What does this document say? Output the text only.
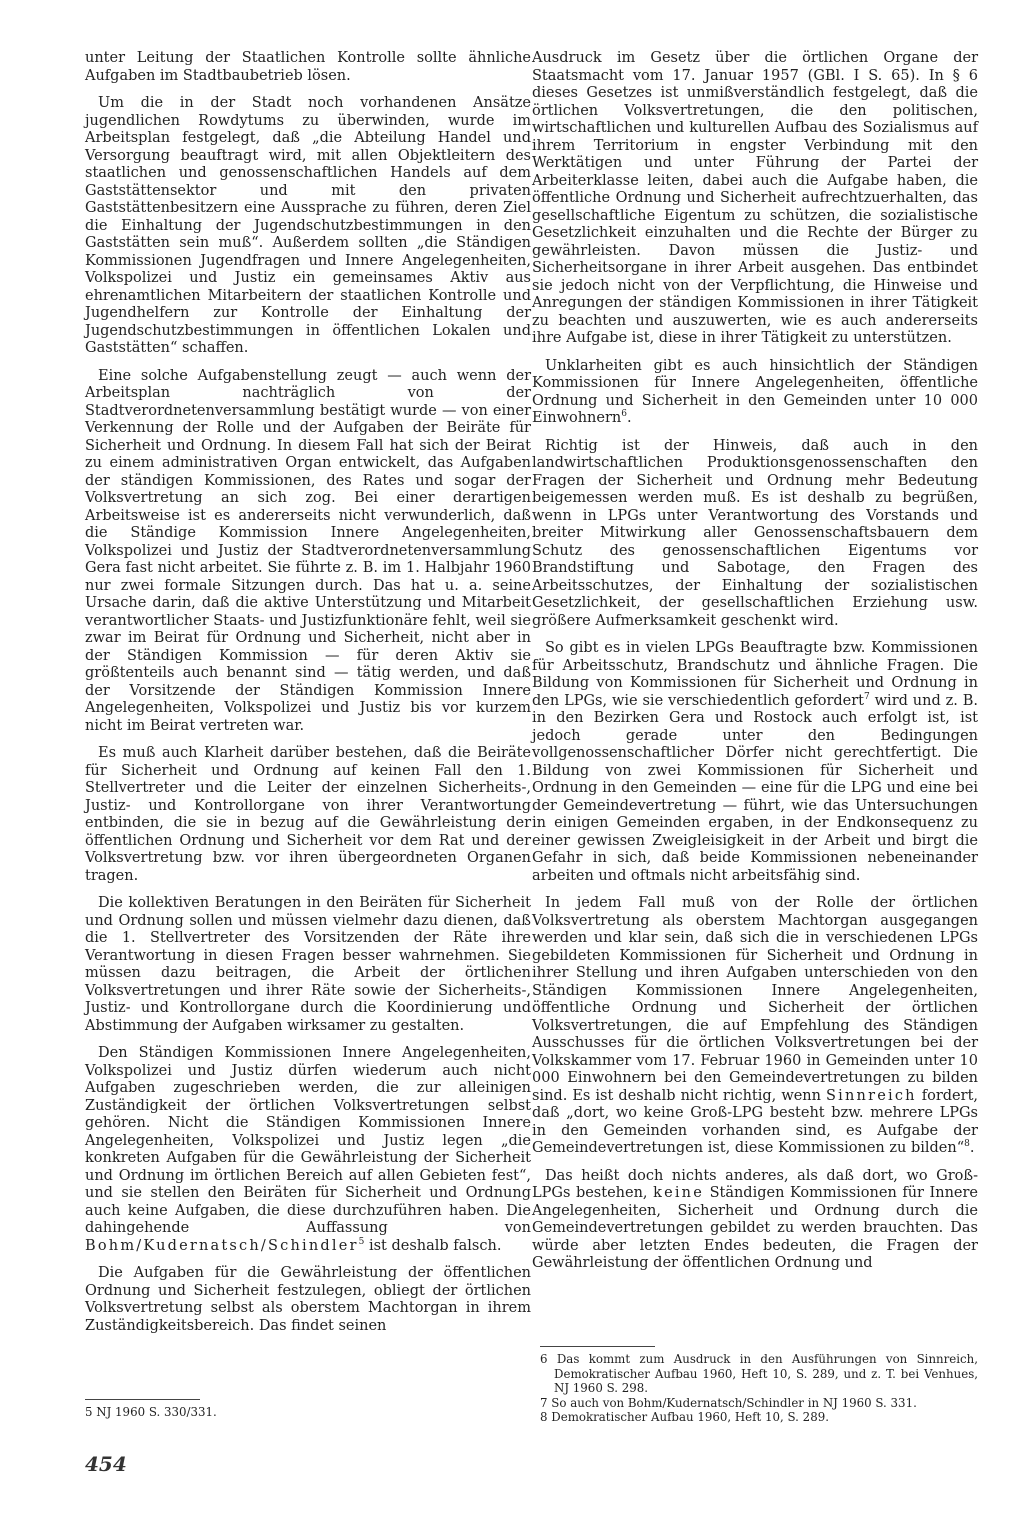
unter Leitung der Staatlichen Kontrolle sollte ähnliche Aufgaben im Stadtbaubetrieb lösen.

Um die in der Stadt noch vorhandenen Ansätze jugendlichen Rowdytums zu überwinden, wurde im Arbeitsplan festgelegt, daß „die Abteilung Handel und Versorgung beauftragt wird, mit allen Objektleitern des staatlichen und genossenschaftlichen Handels auf dem Gaststättensektor und mit den privaten Gaststättenbesitzern eine Aussprache zu führen, deren Ziel die Einhaltung der Jugendschutzbestimmungen in den Gaststätten sein muß“. Außerdem sollten „die Ständigen Kommissionen Jugendfragen und Innere Angelegenheiten, Volkspolizei und Justiz ein gemeinsames Aktiv aus ehrenamtlichen Mitarbeitern der staatlichen Kontrolle und Jugendhelfern zur Kontrolle der Einhaltung der Jugendschutzbestimmungen in öffentlichen Lokalen und Gaststätten“ schaffen.

Eine solche Aufgabenstellung zeugt — auch wenn der Arbeitsplan nachträglich von der Stadtverordnetenversammlung bestätigt wurde — von einer Verkennung der Rolle und der Aufgaben der Beiräte für Sicherheit und Ordnung. In diesem Fall hat sich der Beirat zu einem administrativen Organ entwickelt, das Aufgaben der ständigen Kommissionen, des Rates und sogar der Volksvertretung an sich zog. Bei einer derartigen Arbeitsweise ist es andererseits nicht verwunderlich, daß die Ständige Kommission Innere Angelegenheiten, Volkspolizei und Justiz der Stadtverordnetenversammlung Gera fast nicht arbeitet. Sie führte z. B. im 1. Halbjahr 1960 nur zwei formale Sitzungen durch. Das hat u. a. seine Ursache darin, daß die aktive Unterstützung und Mitarbeit verantwortlicher Staats- und Justizfunktionäre fehlt, weil sie zwar im Beirat für Ordnung und Sicherheit, nicht aber in der Ständigen Kommission — für deren Aktiv sie größtenteils auch benannt sind — tätig werden, und daß der Vorsitzende der Ständigen Kommission Innere Angelegenheiten, Volkspolizei und Justiz bis vor kurzem nicht im Beirat vertreten war.

Es muß auch Klarheit darüber bestehen, daß die Beiräte für Sicherheit und Ordnung auf keinen Fall den 1. Stellvertreter und die Leiter der einzelnen Sicherheits-, Justiz- und Kontrollorgane von ihrer Verantwortung entbinden, die sie in bezug auf die Gewährleistung der öffentlichen Ordnung und Sicherheit vor dem Rat und der Volksvertretung bzw. vor ihren übergeordneten Organen tragen.

Die kollektiven Beratungen in den Beiräten für Sicherheit und Ordnung sollen und müssen vielmehr dazu dienen, daß die 1. Stellvertreter des Vorsitzenden der Räte ihre Verantwortung in diesen Fragen besser wahrnehmen. Sie müssen dazu beitragen, die Arbeit der örtlichen Volksvertretungen und ihrer Räte sowie der Sicherheits-, Justiz- und Kontrollorgane durch die Koordinierung und Abstimmung der Aufgaben wirksamer zu gestalten.

Den Ständigen Kommissionen Innere Angelegenheiten, Volkspolizei und Justiz dürfen wiederum auch nicht Aufgaben zugeschrieben werden, die zur alleinigen Zuständigkeit der örtlichen Volksvertretungen selbst gehören. Nicht die Ständigen Kommissionen Innere Angelegenheiten, Volkspolizei und Justiz legen „die konkreten Aufgaben für die Gewährleistung der Sicherheit und Ordnung im örtlichen Bereich auf allen Gebieten fest“, und sie stellen den Beiräten für Sicherheit und Ordnung auch keine Aufgaben, die diese durchzuführen haben. Die dahingehende Auffassung von Bohm/Kudernatsch/Schindler$^5$ ist deshalb falsch.

Die Aufgaben für die Gewährleistung der öffentlichen Ordnung und Sicherheit festzulegen, obliegt der örtlichen Volksvertretung selbst als oberstem Machtorgan in ihrem Zuständigkeitsbereich. Das findet seinen

Ausdruck im Gesetz über die örtlichen Organe der Staatsmacht vom 17. Januar 1957 (GBl. I S. 65). In § 6 dieses Gesetzes ist unmißverständlich festgelegt, daß die örtlichen Volksvertretungen, die den politischen, wirtschaftlichen und kulturellen Aufbau des Sozialismus auf ihrem Territorium in engster Verbindung mit den Werktätigen und unter Führung der Partei der Arbeiterklasse leiten, dabei auch die Aufgabe haben, die öffentliche Ordnung und Sicherheit aufrechtzuerhalten, das gesellschaftliche Eigentum zu schützen, die sozialistische Gesetzlichkeit einzuhalten und die Rechte der Bürger zu gewährleisten. Davon müssen die Justiz- und Sicherheitsorgane in ihrer Arbeit ausgehen. Das entbindet sie jedoch nicht von der Verpflichtung, die Hinweise und Anregungen der ständigen Kommissionen in ihrer Tätigkeit zu beachten und auszuwerten, wie es auch andererseits ihre Aufgabe ist, diese in ihrer Tätigkeit zu unterstützen.

Unklarheiten gibt es auch hinsichtlich der Ständigen Kommissionen für Innere Angelegenheiten, öffentliche Ordnung und Sicherheit in den Gemeinden unter 10 000 Einwohnern$^6$.

Richtig ist der Hinweis, daß auch in den landwirtschaftlichen Produktionsgenossenschaften den Fragen der Sicherheit und Ordnung mehr Bedeutung beigemessen werden muß. Es ist deshalb zu begrüßen, wenn in LPGs unter Verantwortung des Vorstands und breiter Mitwirkung aller Genossenschaftsbauern dem Schutz des genossenschaftlichen Eigentums vor Brandstiftung und Sabotage, den Fragen des Arbeitsschutzes, der Einhaltung der sozialistischen Gesetzlichkeit, der gesellschaftlichen Erziehung usw. größere Aufmerksamkeit geschenkt wird.

So gibt es in vielen LPGs Beauftragte bzw. Kommissionen für Arbeitsschutz, Brandschutz und ähnliche Fragen. Die Bildung von Kommissionen für Sicherheit und Ordnung in den LPGs, wie sie verschiedentlich gefordert$^7$ wird und z. B. in den Bezirken Gera und Rostock auch erfolgt ist, ist jedoch gerade unter den Bedingungen vollgenossenschaftlicher Dörfer nicht gerechtfertigt. Die Bildung von zwei Kommissionen für Sicherheit und Ordnung in den Gemeinden — eine für die LPG und eine bei der Gemeindevertretung — führt, wie das Untersuchungen in einigen Gemeinden ergaben, in der Endkonsequenz zu einer gewissen Zweigleisigkeit in der Arbeit und birgt die Gefahr in sich, daß beide Kommissionen nebeneinander arbeiten und oftmals nicht arbeitsfähig sind.

In jedem Fall muß von der Rolle der örtlichen Volksvertretung als oberstem Machtorgan ausgegangen werden und klar sein, daß sich die in verschiedenen LPGs gebildeten Kommissionen für Sicherheit und Ordnung in ihrer Stellung und ihren Aufgaben unterschieden von den Ständigen Kommissionen Innere Angelegenheiten, öffentliche Ordnung und Sicherheit der örtlichen Volksvertretungen, die auf Empfehlung des Ständigen Ausschusses für die örtlichen Volksvertretungen bei der Volkskammer vom 17. Februar 1960 in Gemeinden unter 10 000 Einwohnern bei den Gemeindevertretungen zu bilden sind. Es ist deshalb nicht richtig, wenn Sinnreich fordert, daß „dort, wo keine Groß-LPG besteht bzw. mehrere LPGs in den Gemeinden vorhanden sind, es Aufgabe der Gemeindevertretungen ist, diese Kommissionen zu bilden“$^8$.

Das heißt doch nichts anderes, als daß dort, wo Groß-LPGs bestehen, keine Ständigen Kommissionen für Innere Angelegenheiten, Sicherheit und Ordnung durch die Gemeindevertretungen gebildet zu werden brauchten. Das würde aber letzten Endes bedeuten, die Fragen der Gewährleistung der öffentlichen Ordnung und

6 Das kommt zum Ausdruck in den Ausführungen von Sinnreich, Demokratischer Aufbau 1960, Heft 10, S. 289, und z. T. bei Venhues, NJ 1960 S. 298.

7 So auch von Bohm/Kudernatsch/Schindler in NJ 1960 S. 331.

8 Demokratischer Aufbau 1960, Heft 10, S. 289.

5 NJ 1960 S. 330/331.

454
